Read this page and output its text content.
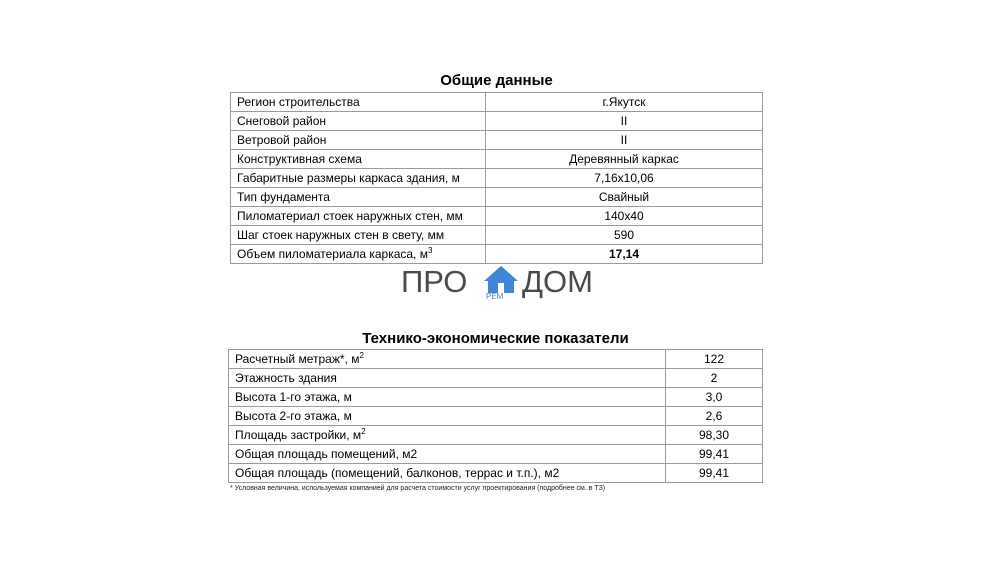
Общие данные
Регион строительства	г.Якутск
Снеговой район	II
Ветровой район	II
Конструктивная схема	Деревянный каркас
Габаритные размеры каркаса здания, м	7,16х10,06
Тип фундамента	Свайный
Пиломатериал стоек наружных стен, мм	140х40
Шаг стоек наружных стен в свету, мм	590
Объем пиломатериала каркаса, $м^3$	17,14
ПРО РЕМ ДОМ
Технико-экономические показатели
Расчетный метраж*, $м^2$	122
Этажность здания	2
Высота 1-го этажа, м	3,0
Высота 2-го этажа, м	2,6
Площадь застройки, $м^2$	98,30
Общая площадь помещений, м2	99,41
Общая площадь (помещений, балконов, террас и т.п.), м2	99,41
* Условная величина, используемая компанией для расчета стоимости услуг проектирования (подробнее см. в ТЗ)
